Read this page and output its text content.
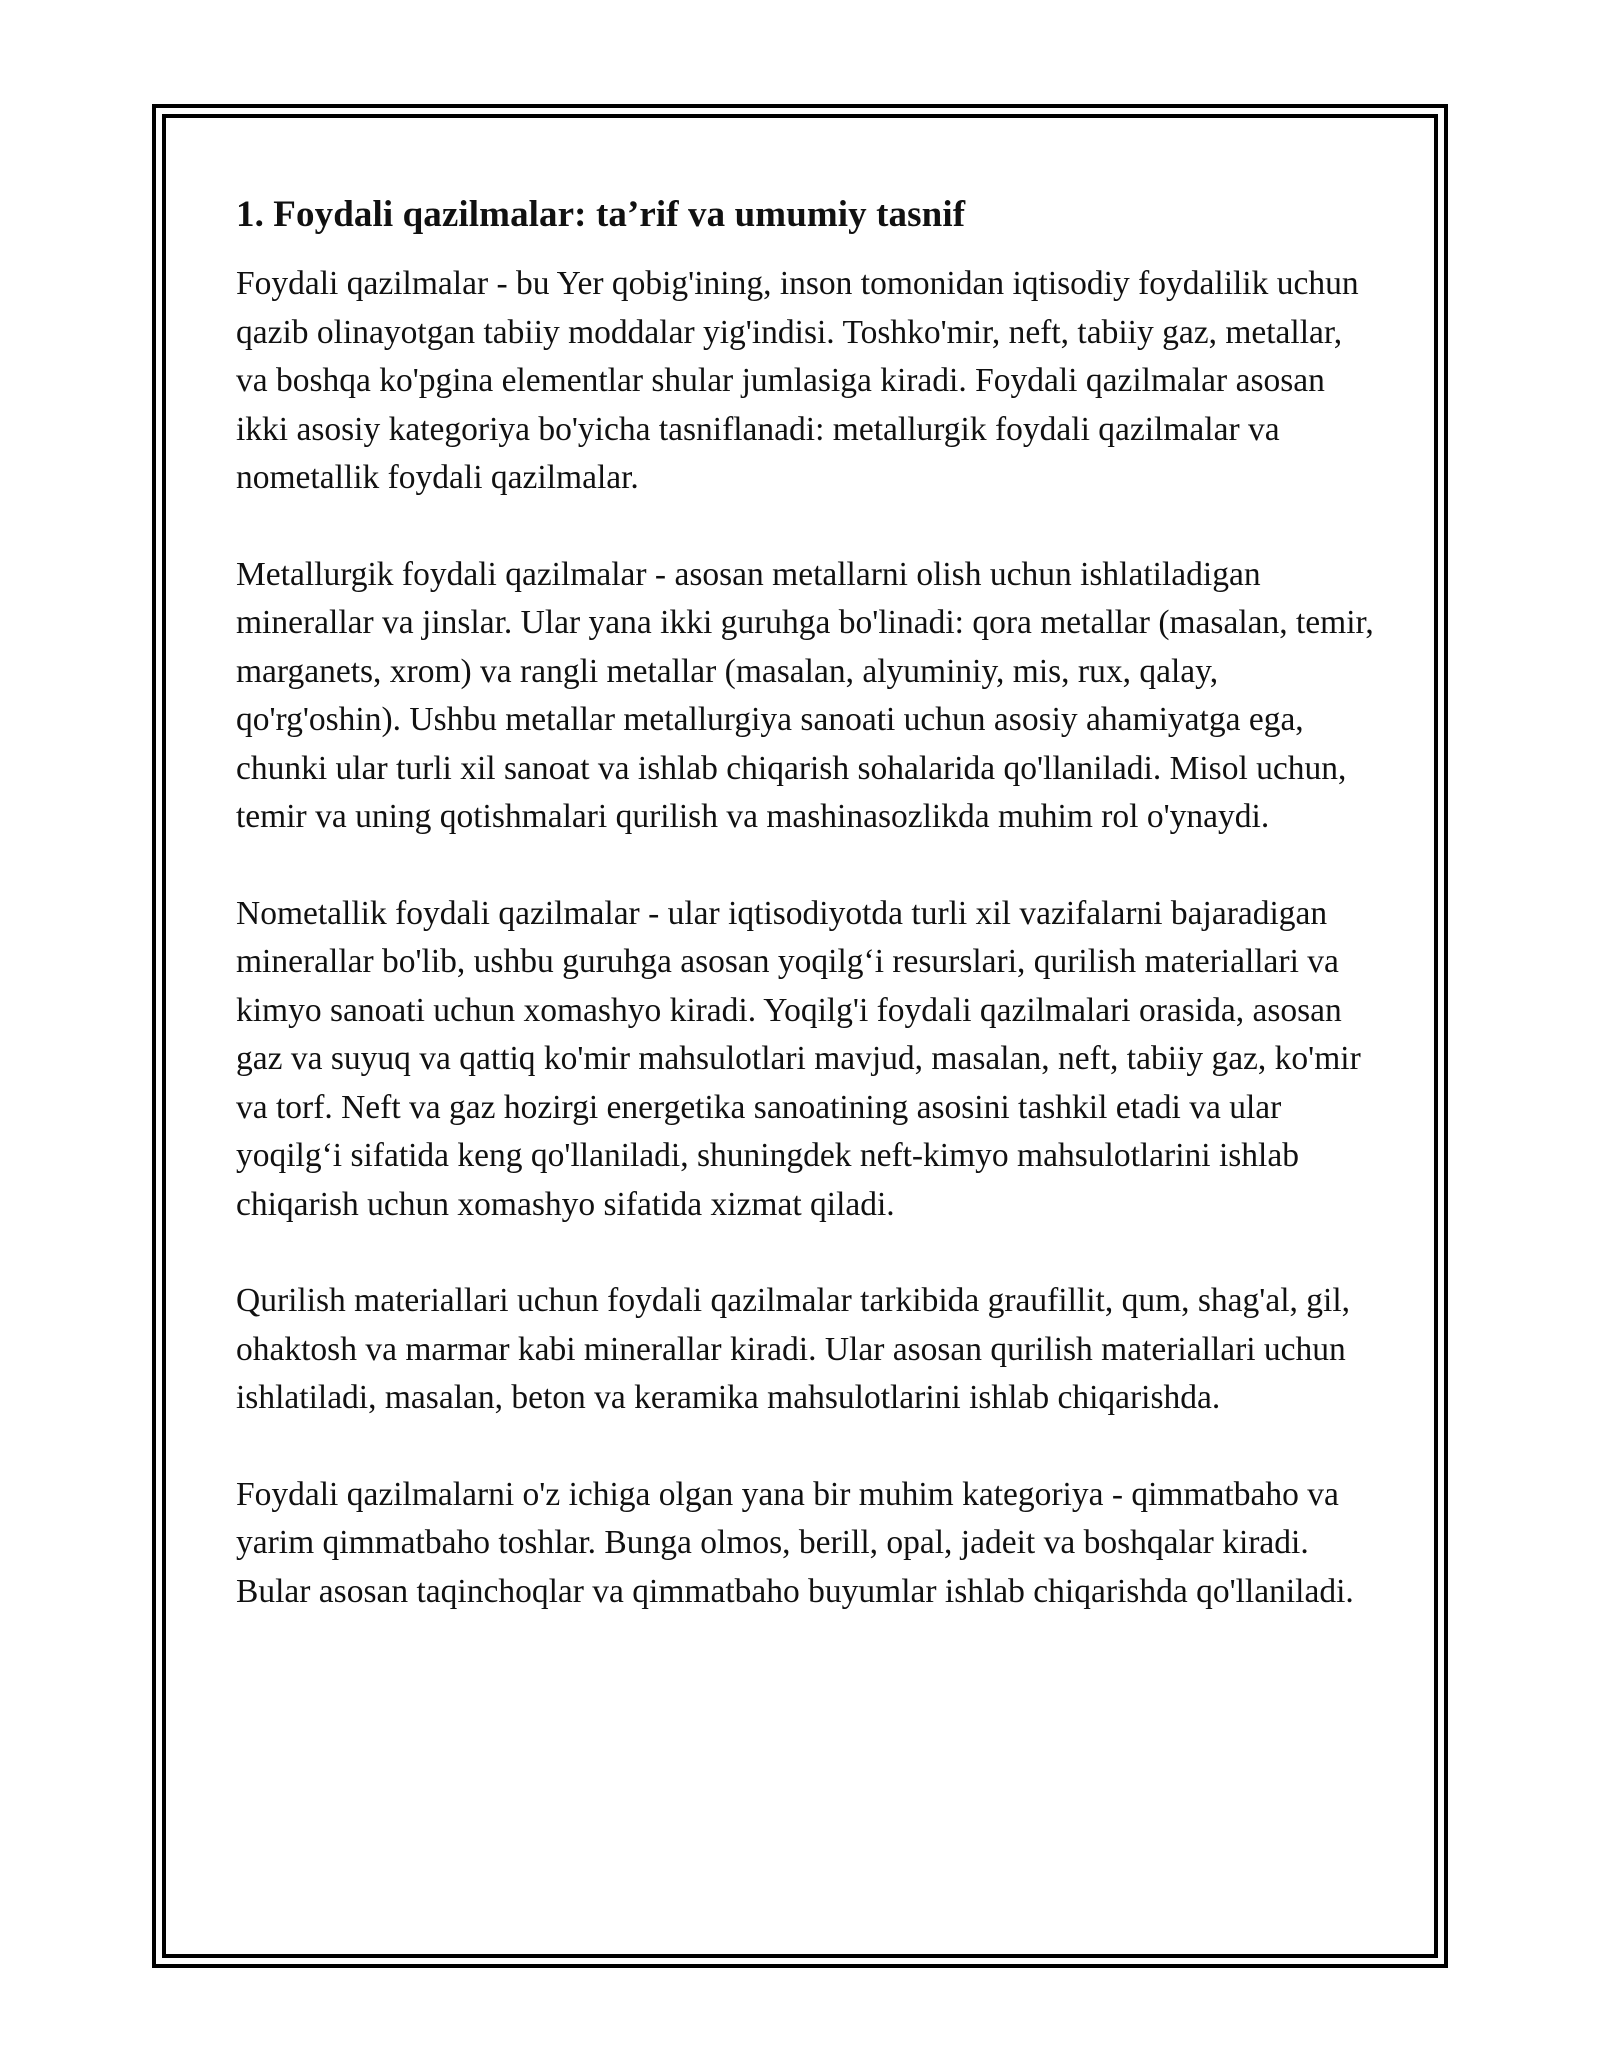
1. Foydali qazilmalar: ta’rif va umumiy tasnif

Foydali qazilmalar - bu Yer qobig'ining, inson tomonidan iqtisodiy foydalilik uchun qazib olinayotgan tabiiy moddalar yig'indisi. Toshko'mir, neft, tabiiy gaz, metallar, va boshqa ko'pgina elementlar shular jumlasiga kiradi. Foydali qazilmalar asosan ikki asosiy kategoriya bo'yicha tasniflanadi: metallurgik foydali qazilmalar va nometallik foydali qazilmalar.

Metallurgik foydali qazilmalar - asosan metallarni olish uchun ishlatiladigan minerallar va jinslar. Ular yana ikki guruhga bo'linadi: qora metallar (masalan, temir, marganets, xrom) va rangli metallar (masalan, alyuminiy, mis, rux, qalay, qo'rg'oshin). Ushbu metallar metallurgiya sanoati uchun asosiy ahamiyatga ega, chunki ular turli xil sanoat va ishlab chiqarish sohalarida qo'llaniladi. Misol uchun, temir va uning qotishmalari qurilish va mashinasozlikda muhim rol o'ynaydi.

Nometallik foydali qazilmalar - ular iqtisodiyotda turli xil vazifalarni bajaradigan minerallar bo'lib, ushbu guruhga asosan yoqilg‘i resurslari, qurilish materiallari va kimyo sanoati uchun xomashyo kiradi. Yoqilg'i foydali qazilmalari orasida, asosan gaz va suyuq va qattiq ko'mir mahsulotlari mavjud, masalan, neft, tabiiy gaz, ko'mir va torf. Neft va gaz hozirgi energetika sanoatining asosini tashkil etadi va ular yoqilg‘i sifatida keng qo'llaniladi, shuningdek neft-kimyo mahsulotlarini ishlab chiqarish uchun xomashyo sifatida xizmat qiladi.

Qurilish materiallari uchun foydali qazilmalar tarkibida graufillit, qum, shag'al, gil, ohaktosh va marmar kabi minerallar kiradi. Ular asosan qurilish materiallari uchun ishlatiladi, masalan, beton va keramika mahsulotlarini ishlab chiqarishda.

Foydali qazilmalarni o'z ichiga olgan yana bir muhim kategoriya - qimmatbaho va yarim qimmatbaho toshlar. Bunga olmos, berill, opal, jadeit va boshqalar kiradi. Bular asosan taqinchoqlar va qimmatbaho buyumlar ishlab chiqarishda qo'llaniladi.
